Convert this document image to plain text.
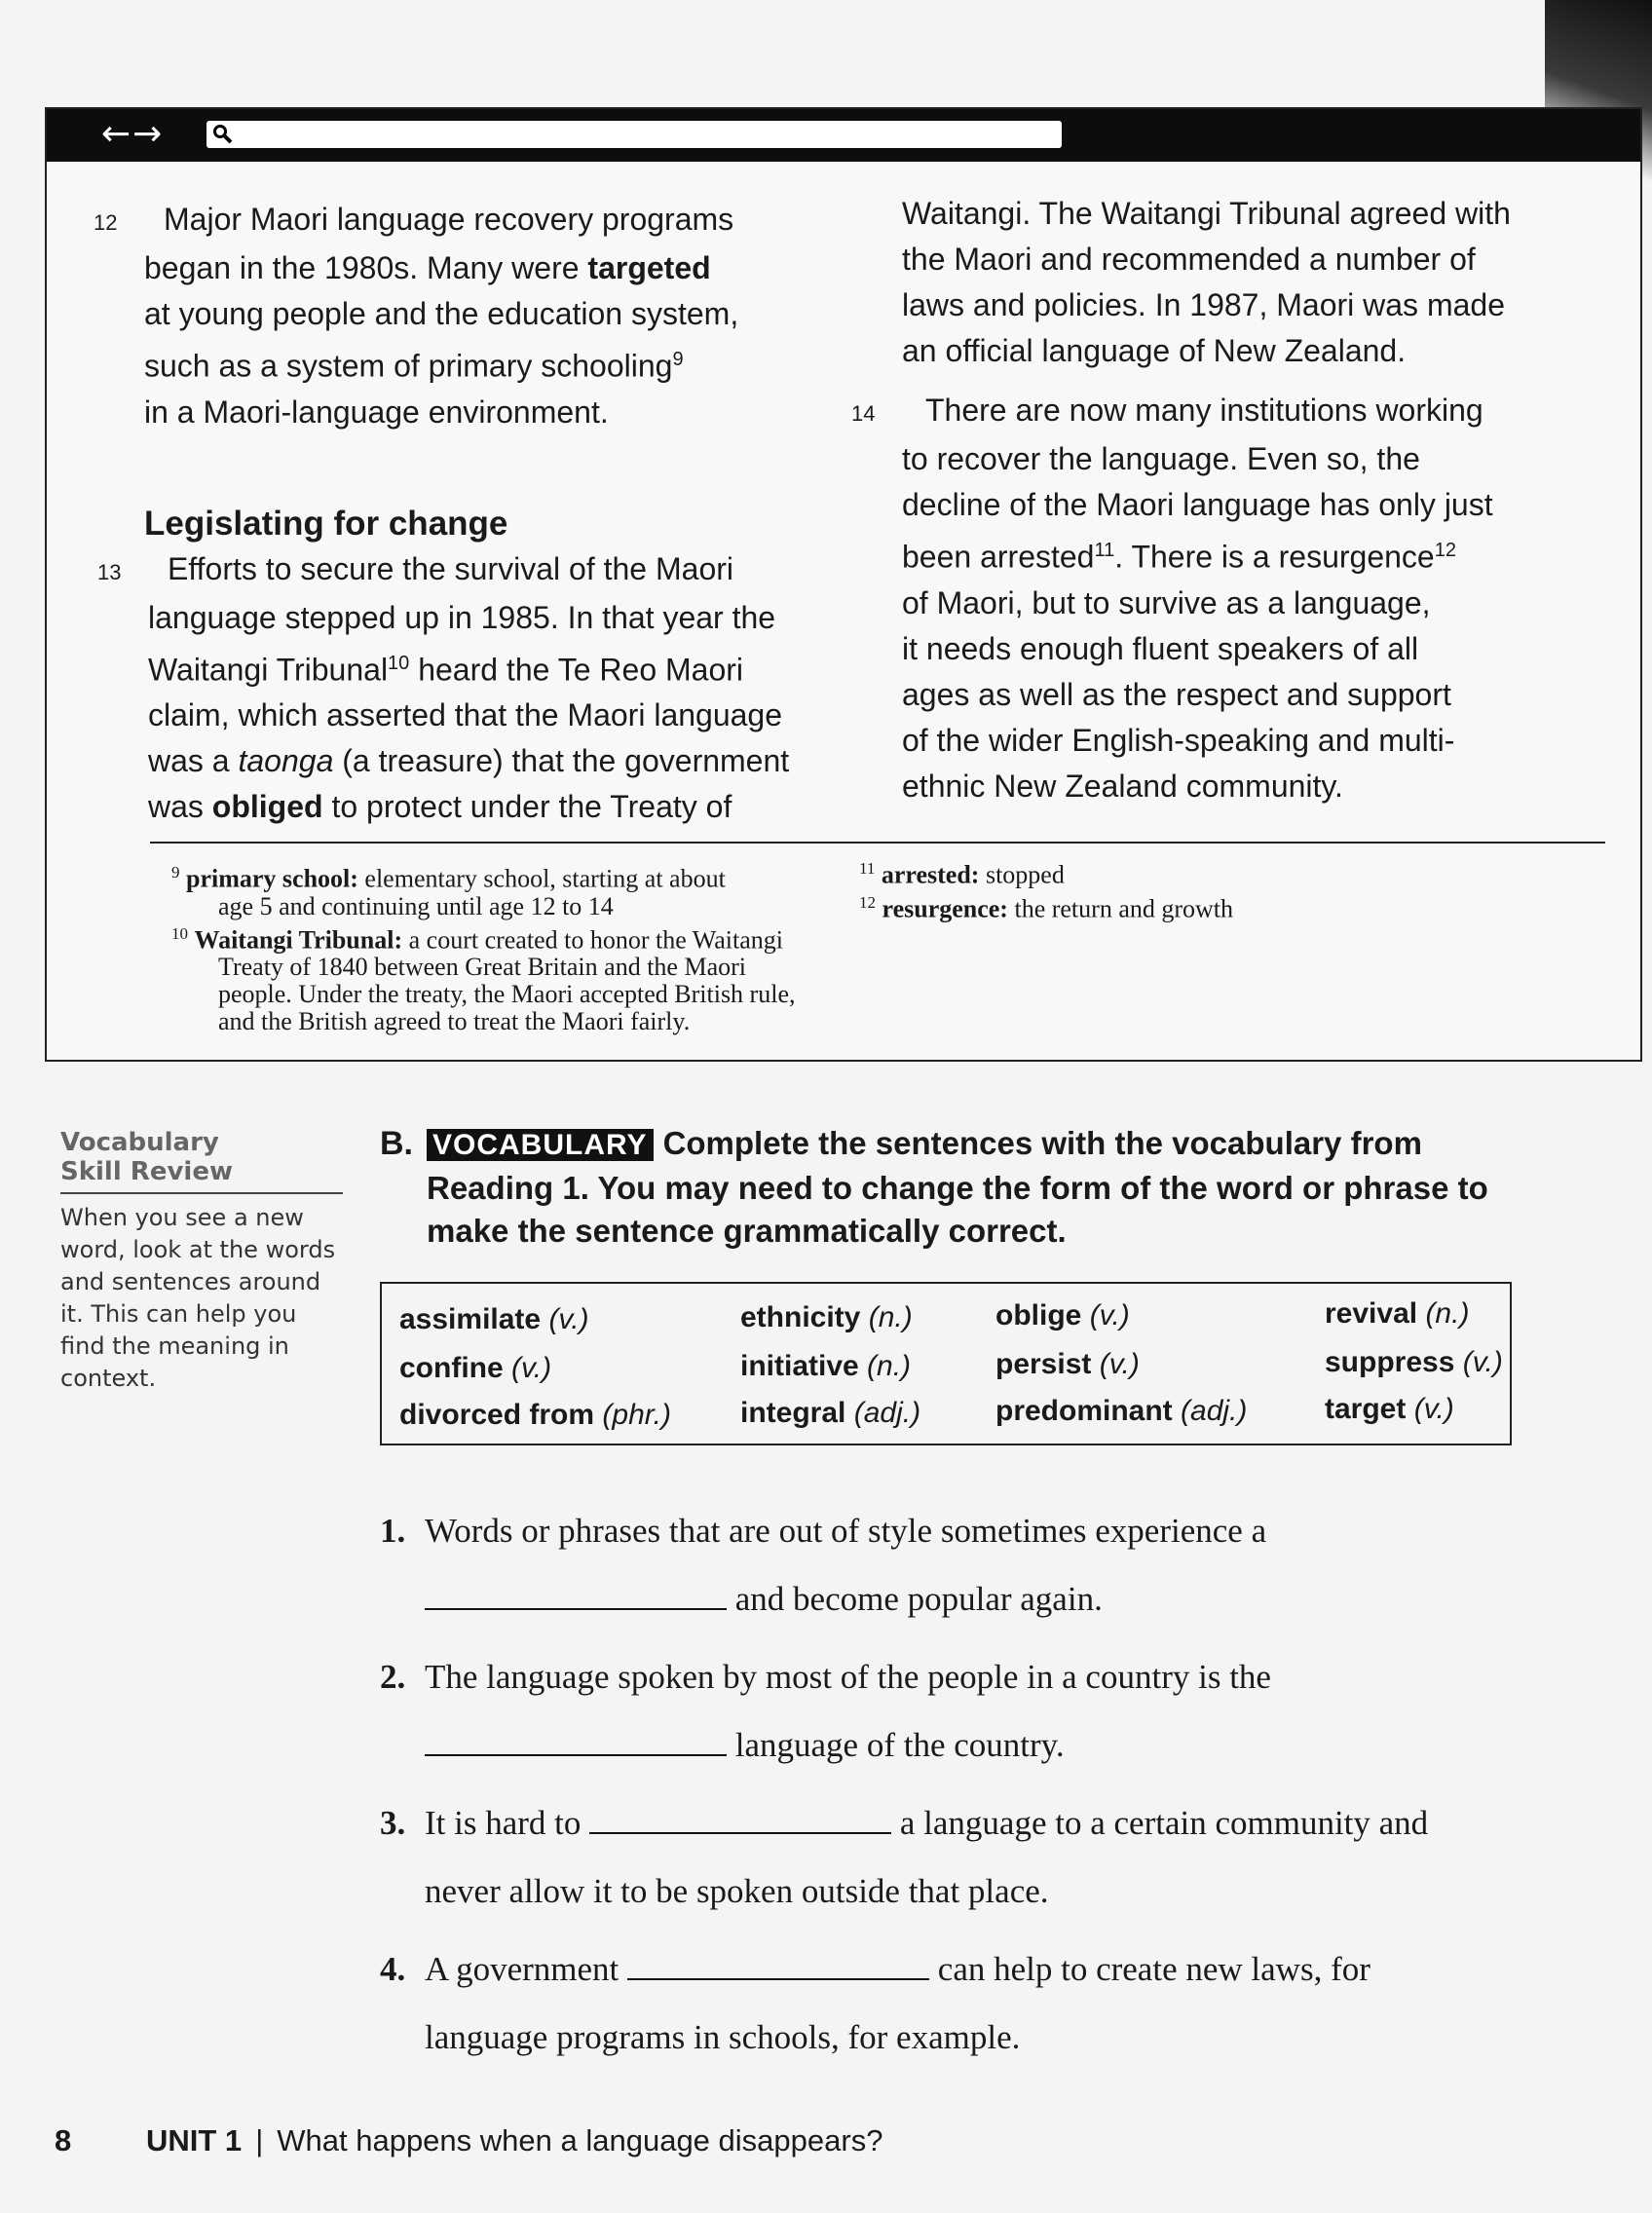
←→

12 Major Maori language recovery programs
began in the 1980s. Many were targeted
at young people and the education system,
such as a system of primary schooling$^9$
in a Maori-language environment.

Legislating for change

13 Efforts to secure the survival of the Maori
language stepped up in 1985. In that year the
Waitangi Tribunal$^{10}$ heard the Te Reo Maori
claim, which asserted that the Maori language
was a taonga (a treasure) that the government
was obliged to protect under the Treaty of

Waitangi. The Waitangi Tribunal agreed with
the Maori and recommended a number of
laws and policies. In 1987, Maori was made
an official language of New Zealand.

14 There are now many institutions working
to recover the language. Even so, the
decline of the Maori language has only just
been arrested$^{11}$. There is a resurgence$^{12}$
of Maori, but to survive as a language,
it needs enough fluent speakers of all
ages as well as the respect and support
of the wider English-speaking and multi-
ethnic New Zealand community.

$^9$ primary school: elementary school, starting at about
age 5 and continuing until age 12 to 14

$^{10}$ Waitangi Tribunal: a court created to honor the Waitangi
Treaty of 1840 between Great Britain and the Maori
people. Under the treaty, the Maori accepted British rule,
and the British agreed to treat the Maori fairly.

$^{11}$ arrested: stopped

$^{12}$ resurgence: the return and growth

Vocabulary
Skill Review
When you see a new word, look at the words and sentences around it. This can help you find the meaning in context.
B. VOCABULARY Complete the sentences with the vocabulary from
Reading 1. You may need to change the form of the word or phrase to
make the sentence grammatically correct.
assimilate (v.)
confine (v.)
divorced from (phr.)
ethnicity (n.)
initiative (n.)
integral (adj.)
oblige (v.)
persist (v.)
predominant (adj.)
revival (n.)
suppress (v.)
target (v.)
1. Words or phrases that are out of style sometimes experience a
and become popular again.
2. The language spoken by most of the people in a country is the
language of the country.
3. It is hard to	a language to a certain community and
never allow it to be spoken outside that place.
4. A government	can help to create new laws, for
language programs in schools, for example.
8 UNIT 1 | What happens when a language disappears?
